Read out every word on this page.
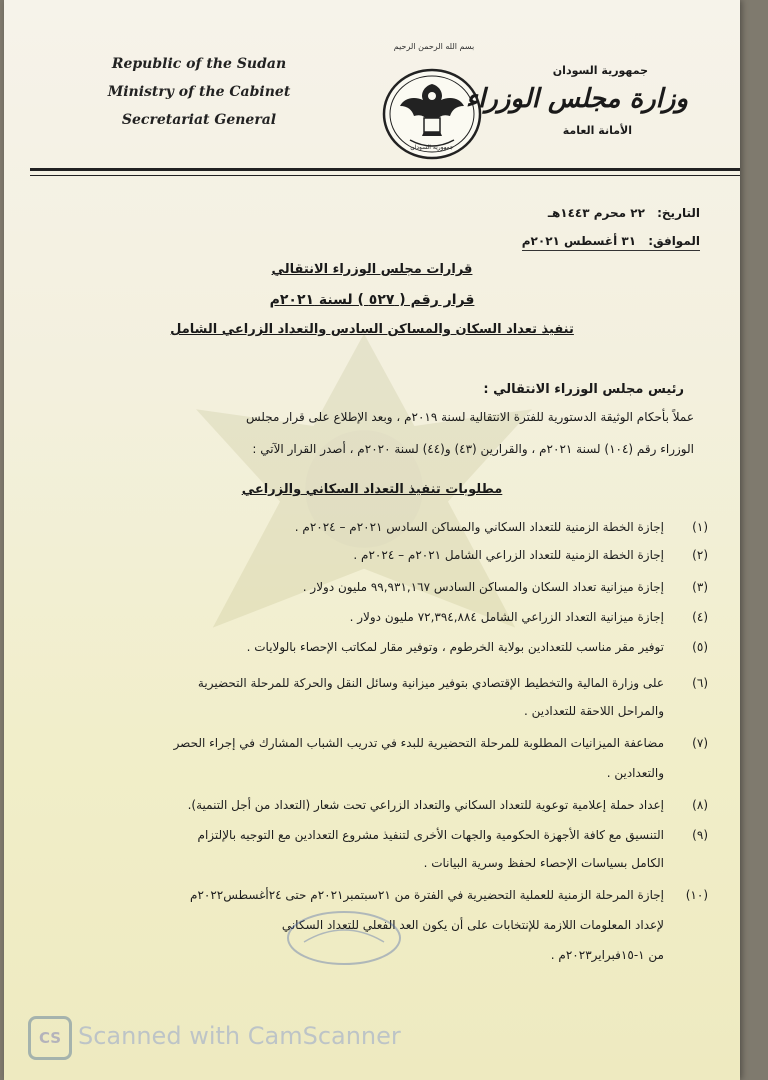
Republic of the Sudan
Ministry of the Cabinet
Secretariat General
بسم الله الرحمن الرحيم
جمهورية السودان
جمهورية السودان
وزارة مجلس الوزراء
الأمانة العامة
التاريخ: ٢٢ محرم ١٤٤٣هـ
الموافق: ٣١ أغسطس ٢٠٢١م
قرارات مجلس الوزراء الانتقالي
قرار رقم ( ٥٢٧ ) لسنة ٢٠٢١م
تنفيذ تعداد السكان والمساكن السادس والتعداد الزراعي الشامل
رئيس مجلس الوزراء الانتقالي :
عملاً بأحكام الوثيقة الدستورية للفترة الانتقالية لسنة ٢٠١٩م ، وبعد الإطلاع على قرار مجلس
الوزراء رقم (١٠٤) لسنة ٢٠٢١م ، والقرارين (٤٣) و(٤٤) لسنة ٢٠٢٠م ، أصدر القرار الآتي :
مطلوبات تنفيذ التعداد السكاني والزراعي
(١)
إجازة الخطة الزمنية للتعداد السكاني والمساكن السادس ٢٠٢١م – ٢٠٢٤م .
(٢)
إجازة الخطة الزمنية للتعداد الزراعي الشامل ٢٠٢١م – ٢٠٢٤م .
(٣)
إجازة ميزانية تعداد السكان والمساكن السادس ٩٩,٩٣١,١٦٧ مليون دولار .
(٤)
إجازة ميزانية التعداد الزراعي الشامل ٧٢,٣٩٤,٨٨٤ مليون دولار .
(٥)
توفير مقر مناسب للتعدادين بولاية الخرطوم ، وتوفير مقار لمكاتب الإحصاء بالولايات .
(٦)
على وزارة المالية والتخطيط الإقتصادي بتوفير ميزانية وسائل النقل والحركة للمرحلة التحضيرية
والمراحل اللاحقة للتعدادين .
(٧)
مضاعفة الميزانيات المطلوبة للمرحلة التحضيرية للبدء في تدريب الشباب المشارك في إجراء الحصر
والتعدادين .
(٨)
إعداد حملة إعلامية توعوية للتعداد السكاني والتعداد الزراعي تحت شعار (التعداد من أجل التنمية).
(٩)
التنسيق مع كافة الأجهزة الحكومية والجهات الأخرى لتنفيذ مشروع التعدادين مع التوجيه بالإلتزام
الكامل بسياسات الإحصاء لحفظ وسرية البيانات .
(١٠)
إجازة المرحلة الزمنية للعملية التحضيرية في الفترة من ٢١سبتمبر٢٠٢١م حتى ٢٤أغسطس٢٠٢٢م
لإعداد المعلومات اللازمة للإنتخابات على أن يكون العد الفعلي للتعداد السكاني
من ١-١٥فبراير٢٠٢٣م .
CS Scanned with CamScanner
